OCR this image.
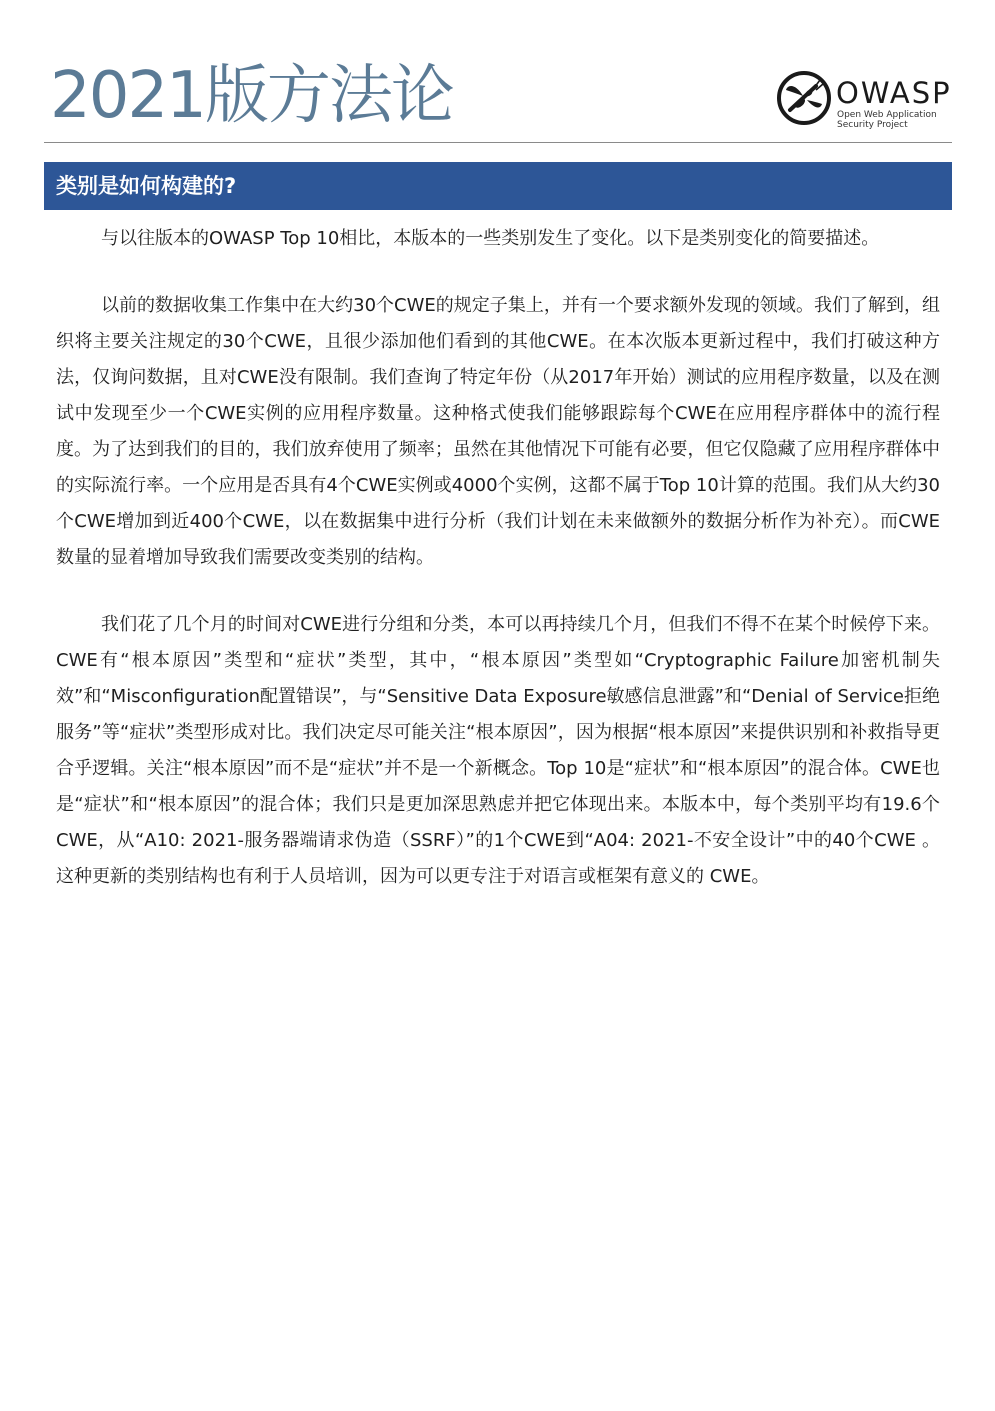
2021版方法论	OWASP
Open Web Application Security Project
类别是如何构建的?

与以往版本的OWASP Top 10相比，本版本的一些类别发生了变化。以下是类别变化的简要描述。

以前的数据收集工作集中在大约30个CWE的规定子集上，并有一个要求额外发现的领域。我们了解到，组织将主要关注规定的30个CWE，且很少添加他们看到的其他CWE。在本次版本更新过程中，我们打破这种方法，仅询问数据，且对CWE没有限制。我们查询了特定年份（从2017年开始）测试的应用程序数量，以及在测试中发现至少一个CWE实例的应用程序数量。这种格式使我们能够跟踪每个CWE在应用程序群体中的流行程度。为了达到我们的目的，我们放弃使用了频率；虽然在其他情况下可能有必要，但它仅隐藏了应用程序群体中的实际流行率。一个应用是否具有4个CWE实例或4000个实例，这都不属于Top 10计算的范围。我们从大约30个CWE增加到近400个CWE，以在数据集中进行分析（我们计划在未来做额外的数据分析作为补充）。而CWE数量的显着增加导致我们需要改变类别的结构。

我们花了几个月的时间对CWE进行分组和分类，本可以再持续几个月，但我们不得不在某个时候停下来。CWE有“根本原因”类型和“症状”类型，其中，“根本原因”类型如“Cryptographic Failure加密机制失效”和“Misconfiguration配置错误”，与“Sensitive Data Exposure敏感信息泄露”和“Denial of Service拒绝服务”等“症状”类型形成对比。我们决定尽可能关注“根本原因”，因为根据“根本原因”来提供识别和补救指导更合乎逻辑。关注“根本原因”而不是“症状”并不是一个新概念。Top 10是“症状”和“根本原因”的混合体。CWE也是“症状”和“根本原因”的混合体；我们只是更加深思熟虑并把它体现出来。本版本中，每个类别平均有19.6个CWE，从“A10: 2021-服务器端请求伪造（SSRF）”的1个CWE到“A04: 2021-不安全设计”中的40个CWE 。这种更新的类别结构也有利于人员培训，因为可以更专注于对语言或框架有意义的 CWE。
